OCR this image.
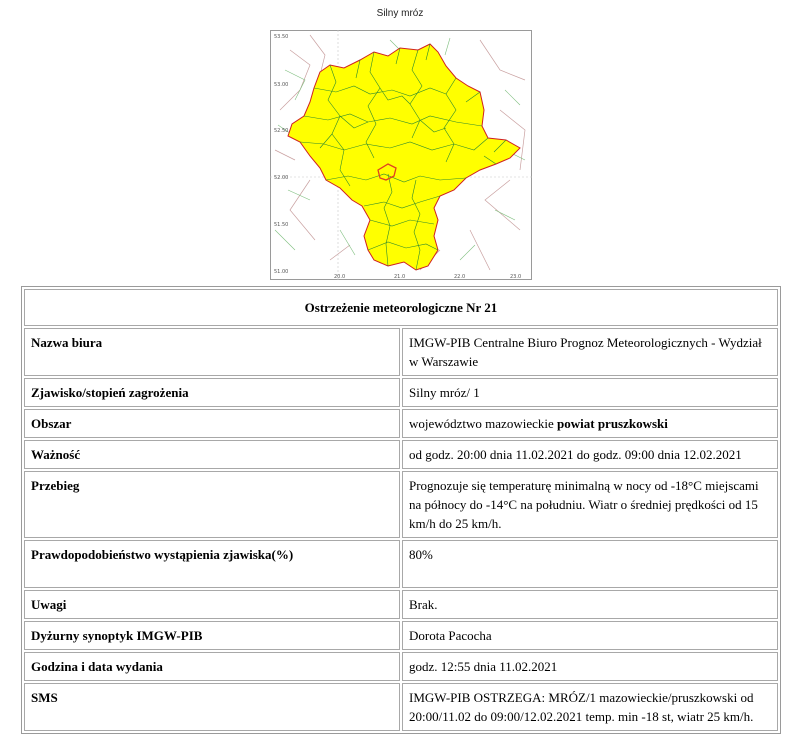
Silny mróz
53.50
53.00
52.50
52.00
51.50
51.00
20.0	21.0	22.0	23.0
Ostrzeżenie meteorologiczne Nr 21	
Nazwa biura	IMGW-PIB Centralne Biuro Prognoz Meteorologicznych - Wydział w Warszawie
Zjawisko/stopień zagrożenia	Silny mróz/ 1
Obszar	województwo mazowieckie powiat pruszkowski
Ważność	od godz. 20:00 dnia 11.02.2021 do godz. 09:00 dnia 12.02.2021
Przebieg	Prognozuje się temperaturę minimalną w nocy od -18°C miejscami na północy do -14°C na południu. Wiatr o średniej prędkości od 15 km/h do 25 km/h.
Prawdopodobieństwo wystąpienia zjawiska(%)	80%
Uwagi	Brak.
Dyżurny synoptyk IMGW-PIB	Dorota Pacocha
Godzina i data wydania	godz. 12:55 dnia 11.02.2021
SMS	IMGW-PIB OSTRZEGA: MRÓZ/1 mazowieckie/pruszkowski od 20:00/11.02 do 09:00/12.02.2021 temp. min -18 st, wiatr 25 km/h.
